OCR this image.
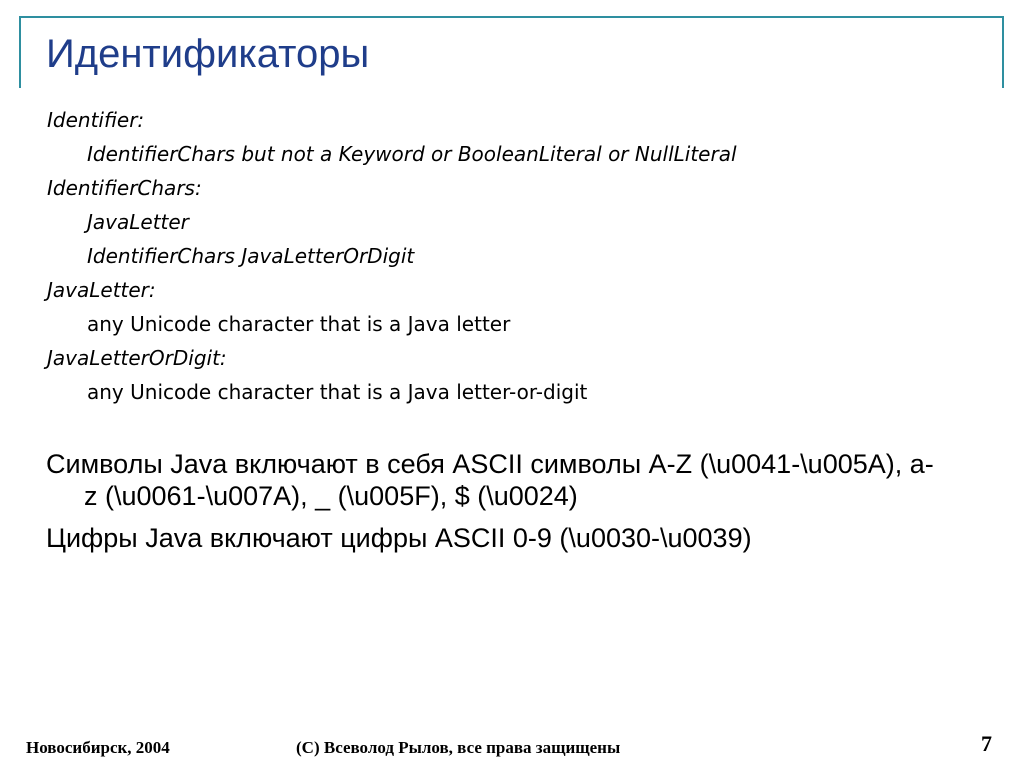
Идентификаторы
Identifier:
IdentifierChars but not a Keyword or BooleanLiteral or NullLiteral
IdentifierChars:
JavaLetter
IdentifierChars JavaLetterOrDigit
JavaLetter:
any Unicode character that is a Java letter
JavaLetterOrDigit:
any Unicode character that is a Java letter-or-digit
Символы Java включают в себя ASCII символы A-Z (\u0041-\u005A), a-z (\u0061-\u007A), _ (\u005F), $ (\u0024)
Цифры Java включают цифры ASCII 0-9 (\u0030-\u0039)
Новосибирск, 2004	(С) Всеволод Рылов, все права защищены	7
